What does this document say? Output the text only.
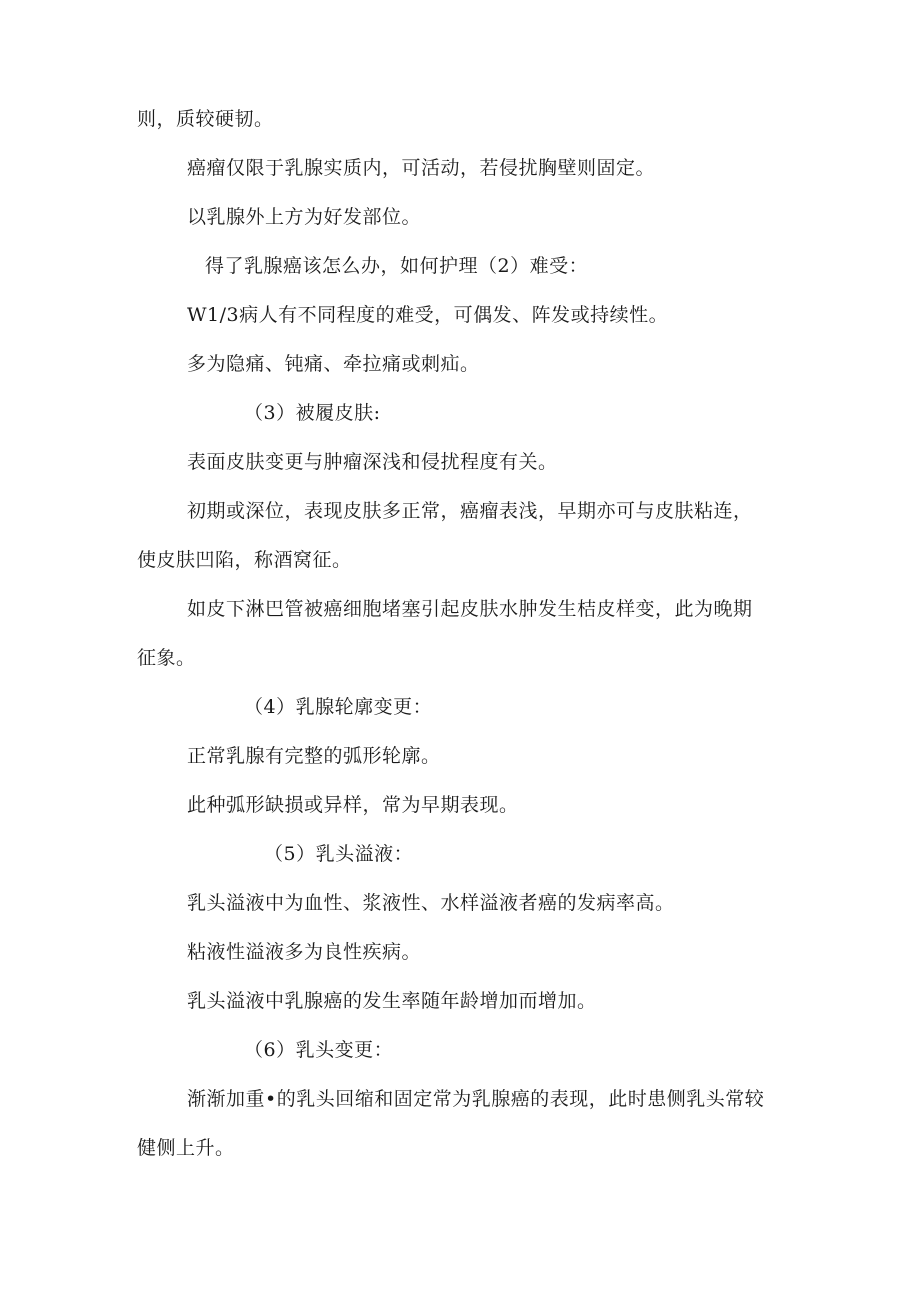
则，质较硬韧。
癌瘤仅限于乳腺实质内，可活动，若侵扰胸壁则固定。
以乳腺外上方为好发部位。
得了乳腺癌该怎么办，如何护理（2）难受：
W1/3病人有不同程度的难受，可偶发、阵发或持续性。
多为隐痛、钝痛、牵拉痛或刺疝。
（3）被履皮肤:
表面皮肤变更与肿瘤深浅和侵扰程度有关。
初期或深位，表现皮肤多正常，癌瘤表浅，早期亦可与皮肤粘连，
使皮肤凹陷，称酒窝征。
如皮下淋巴管被癌细胞堵塞引起皮肤水肿发生桔皮样变，此为晚期
征象。
（4）乳腺轮廓变更：
正常乳腺有完整的弧形轮廓。
此种弧形缺损或异样，常为早期表现。
（5）乳头溢液：
乳头溢液中为血性、浆液性、水样溢液者癌的发病率高。
粘液性溢液多为良性疾病。
乳头溢液中乳腺癌的发生率随年龄增加而增加。
（6）乳头变更：
渐渐加重•的乳头回缩和固定常为乳腺癌的表现，此时患侧乳头常较
健侧上升。
